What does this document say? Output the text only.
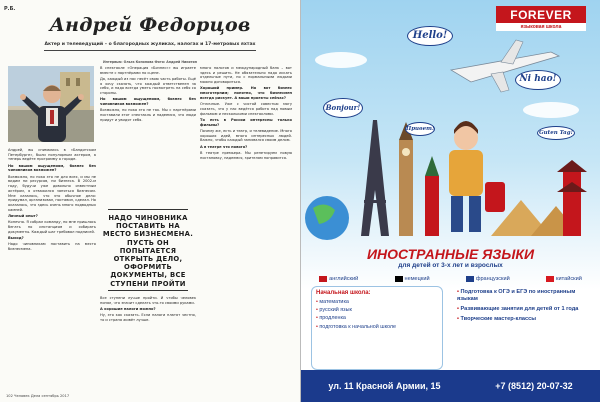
Р.Б.
Андрей Федорцов
Актер и телеведущий – о благородных жуликах, налогах и 17-метровых яхтах
Интервью: Ольга Кононова Фото: Андрей Никитин

Андрей, вы снимались в «Бандитском Петербурге», были популярным актером, а теперь ведёте программу о городе.

Но вашим ощущениям, бизнес без чиновников возможен?

Возможно, но пока это не для всех, и мы не видим ни ресурсов, ни бизнеса. В 2002-м году, будучи уже довольно известным актёром, я отважился заняться бизнесом. Мне казалось, что это обычное дело: придумал, организовал, поставил, сделал. Но оказалось, что здесь очень много подводных камней.

Личный опыт?

Конечно. Я собрал команду, но мне пришлось бегать по инстанциям и собирать документы. Каждый шаг требовал подписей.

Выход?

Надо чиновникам поставить на место бизнесмена.

В спектакле «Операция «Бизнес»» вы играете вместе с партнёрами по сцене.

Да, каждый из нас несёт свою часть работы. Ещё я хочу сказать, что каждый ответственен за себя, и надо всегда уметь посмотреть на себя со стороны.

Но вашим ощущениям, бизнес без чиновников возможен?

Возможно, но пока это не так. Мы с партнёрами поставили этот спектакль и надеемся, что люди придут и увидят себя.

НАДО ЧИНОВНИКА ПОСТАВИТЬ НА МЕСТО БИЗНЕСМЕНА. ПУСТЬ ОН ПОПЫТАЕТСЯ ОТКРЫТЬ ДЕЛО, ОФОРМИТЬ ДОКУМЕНТЫ, ВСЕ СТУПЕНИ ПРОЙТИ

Все ступени лучше пройти. И чтобы человек понял, что значит сделать что-то своими руками.

А хорошие налоги можно?

Ну, это как сказать. Если налоги платят честно, то и страна живёт лучше.

много налогов и международный банк – вот здесь и решить. Не обязательно надо искать отдельные пути, но с нормальными людьми можно договориться.

Хороший пример. Но вот бизнес многотерпим; понятно, что бизнесмен всегда рискует. А ваши проекты сейчас?

Отличные. Уже с чистой совестью могу сказать, что у нас ведётся работа над новым фильмом и несколькими спектаклями.

То есть в России интересны только фильмы?

Почему же, есть и театр, и телевидение. Много хороших идей, много интересных людей. Важно, чтобы каждый занимался своим делом.

А в театре что нового?

В театре премьера. Мы репетируем новую постановку, надеемся, зрителям понравится.

102 Человек Дела сентябрь 2017
FOREVER
языковая школа
Hello!
Ni hao!
Bonjour!
Привет!
Guten Tag!
ИНОСТРАННЫЕ ЯЗЫКИ
для детей от 3-х лет и взрослых
английский	немецкий	французский	китайский
Начальная школа:
• математика
• русский язык
• продленка
• подготовка к начальной школе
• Подготовка к ОГЭ и ЕГЭ по иностранным языкам
• Развивающие занятия для детей от 1 года
• Творческие мастер-классы
ул. 11 Красной Армии, 15	+7 (8512) 20-07-32
